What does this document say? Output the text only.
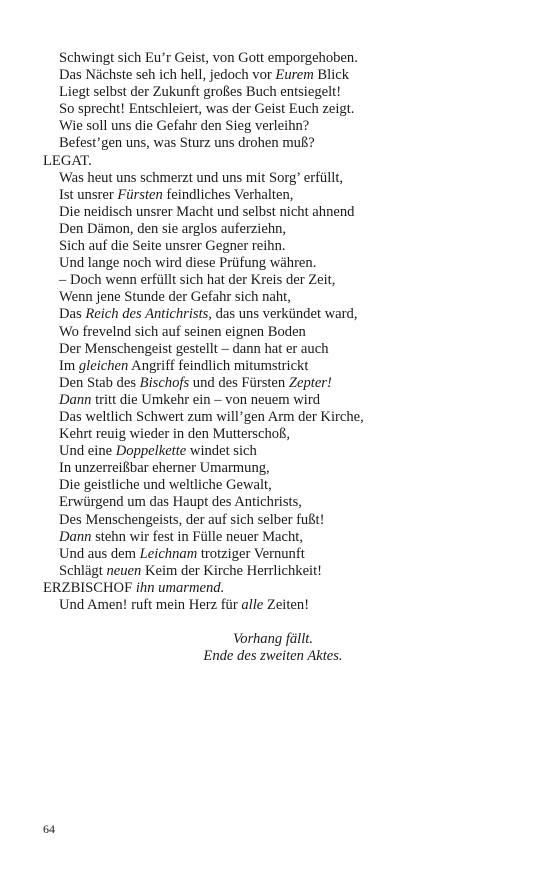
Schwingt sich Eu’r Geist, von Gott emporgehoben.
Das Nächste seh ich hell, jedoch vor Eurem Blick
Liegt selbst der Zukunft großes Buch entsiegelt!
So sprecht! Entschleiert, was der Geist Euch zeigt.
Wie soll uns die Gefahr den Sieg verleihn?
Befest’gen uns, was Sturz uns drohen muß?
LEGAT.
Was heut uns schmerzt und uns mit Sorg’ erfüllt,
Ist unsrer Fürsten feindliches Verhalten,
Die neidisch unsrer Macht und selbst nicht ahnend
Den Dämon, den sie arglos auferziehn,
Sich auf die Seite unsrer Gegner reihn.
Und lange noch wird diese Prüfung währen.
– Doch wenn erfüllt sich hat der Kreis der Zeit,
Wenn jene Stunde der Gefahr sich naht,
Das Reich des Antichrists, das uns verkündet ward,
Wo frevelnd sich auf seinen eignen Boden
Der Menschengeist gestellt – dann hat er auch
Im gleichen Angriff feindlich mitumstrickt
Den Stab des Bischofs und des Fürsten Zepter!
Dann tritt die Umkehr ein – von neuem wird
Das weltlich Schwert zum will’gen Arm der Kirche,
Kehrt reuig wieder in den Mutterschoß,
Und eine Doppelkette windet sich
In unzerreißbar eherner Umarmung,
Die geistliche und weltliche Gewalt,
Erwürgend um das Haupt des Antichrists,
Des Menschengeists, der auf sich selber fußt!
Dann stehn wir fest in Fülle neuer Macht,
Und aus dem Leichnam trotziger Vernunft
Schlägt neuen Keim der Kirche Herrlichkeit!
ERZBISCHOF ihn umarmend.
Und Amen! ruft mein Herz für alle Zeiten!
Vorhang fällt.
Ende des zweiten Aktes.
64
